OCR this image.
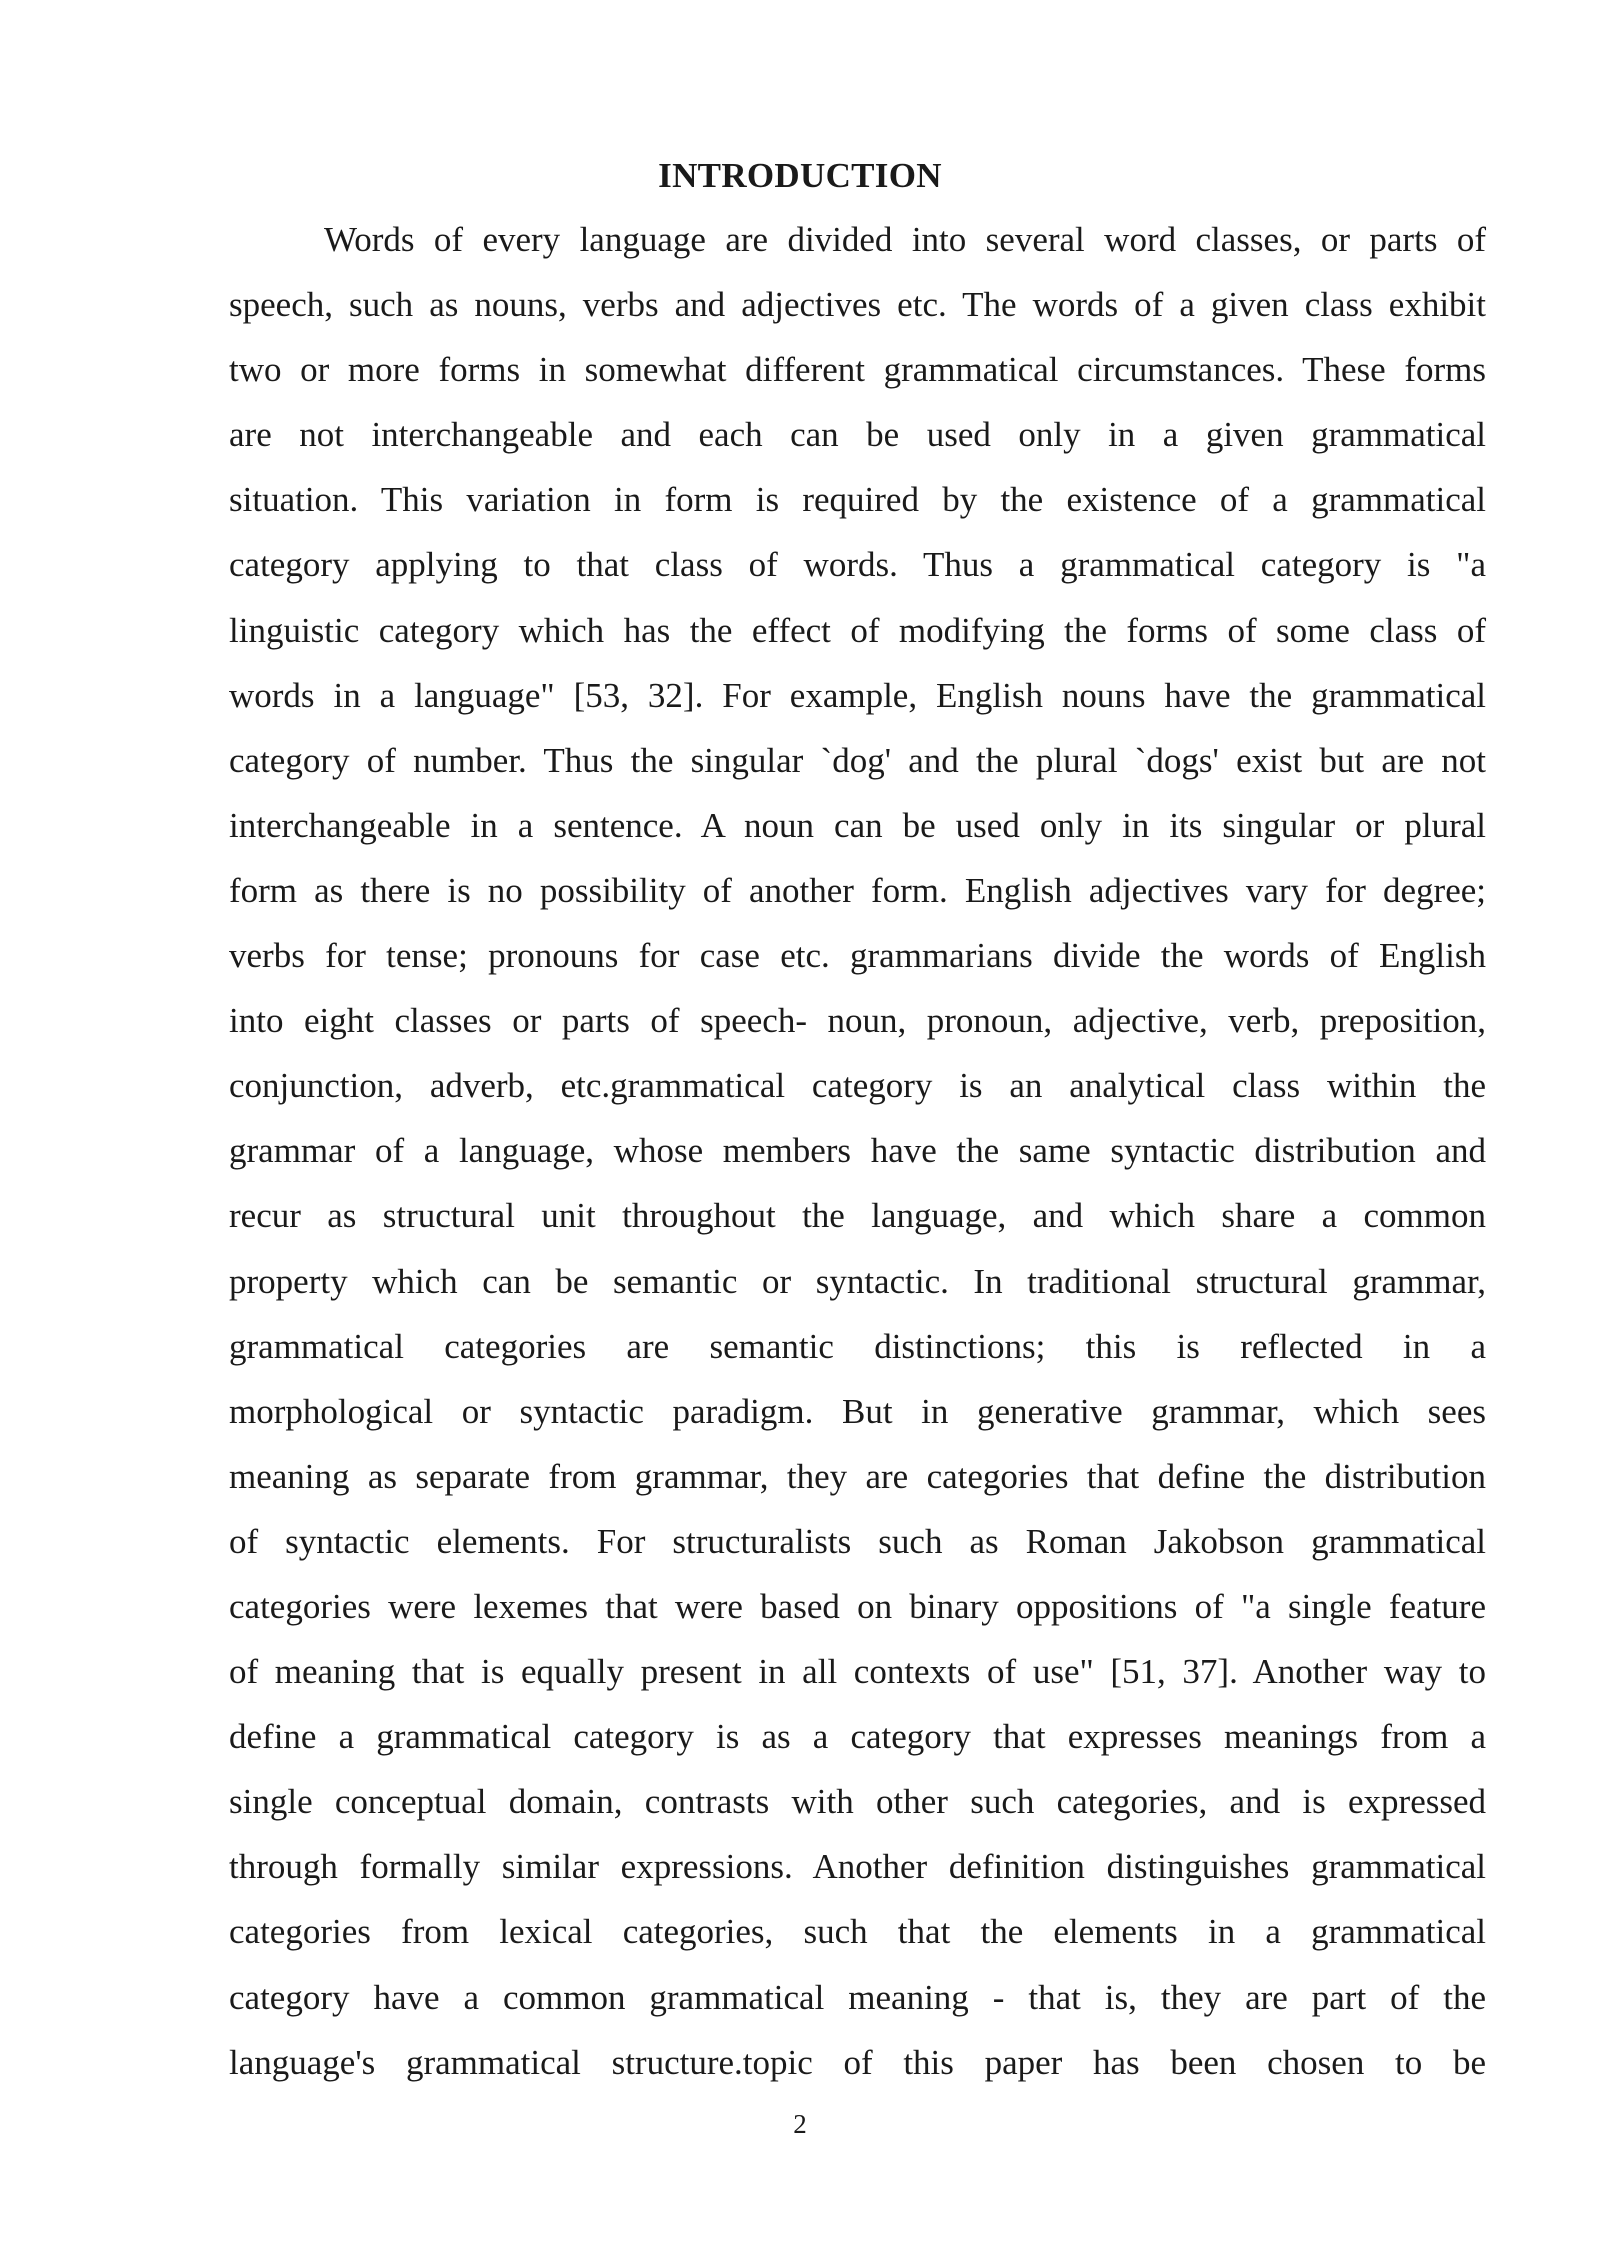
INTRODUCTION
Words of every language are divided into several word classes, or parts of
speech, such as nouns, verbs and adjectives etc. The words of a given class exhibit
two or more forms in somewhat different grammatical circumstances. These forms
are not interchangeable and each can be used only in a given grammatical
situation. This variation in form is required by the existence of a grammatical
category applying to that class of words. Thus a grammatical category is "a
linguistic category which has the effect of modifying the forms of some class of
words in a language" [53, 32]. For example, English nouns have the grammatical
category of number. Thus the singular `dog' and the plural `dogs' exist but are not
interchangeable in a sentence. A noun can be used only in its singular or plural
form as there is no possibility of another form. English adjectives vary for degree;
verbs for tense; pronouns for case etc. grammarians divide the words of English
into eight classes or parts of speech- noun, pronoun, adjective, verb, preposition,
conjunction, adverb, etc.grammatical category is an analytical class within the
grammar of a language, whose members have the same syntactic distribution and
recur as structural unit throughout the language, and which share a common
property which can be semantic or syntactic. In traditional structural grammar,
grammatical categories are semantic distinctions; this is reflected in a
morphological or syntactic paradigm. But in generative grammar, which sees
meaning as separate from grammar, they are categories that define the distribution
of syntactic elements. For structuralists such as Roman Jakobson grammatical
categories were lexemes that were based on binary oppositions of "a single feature
of meaning that is equally present in all contexts of use" [51, 37]. Another way to
define a grammatical category is as a category that expresses meanings from a
single conceptual domain, contrasts with other such categories, and is expressed
through formally similar expressions. Another definition distinguishes grammatical
categories from lexical categories, such that the elements in a grammatical
category have a common grammatical meaning - that is, they are part of the
language's grammatical structure.topic of this paper has been chosen to be

2
